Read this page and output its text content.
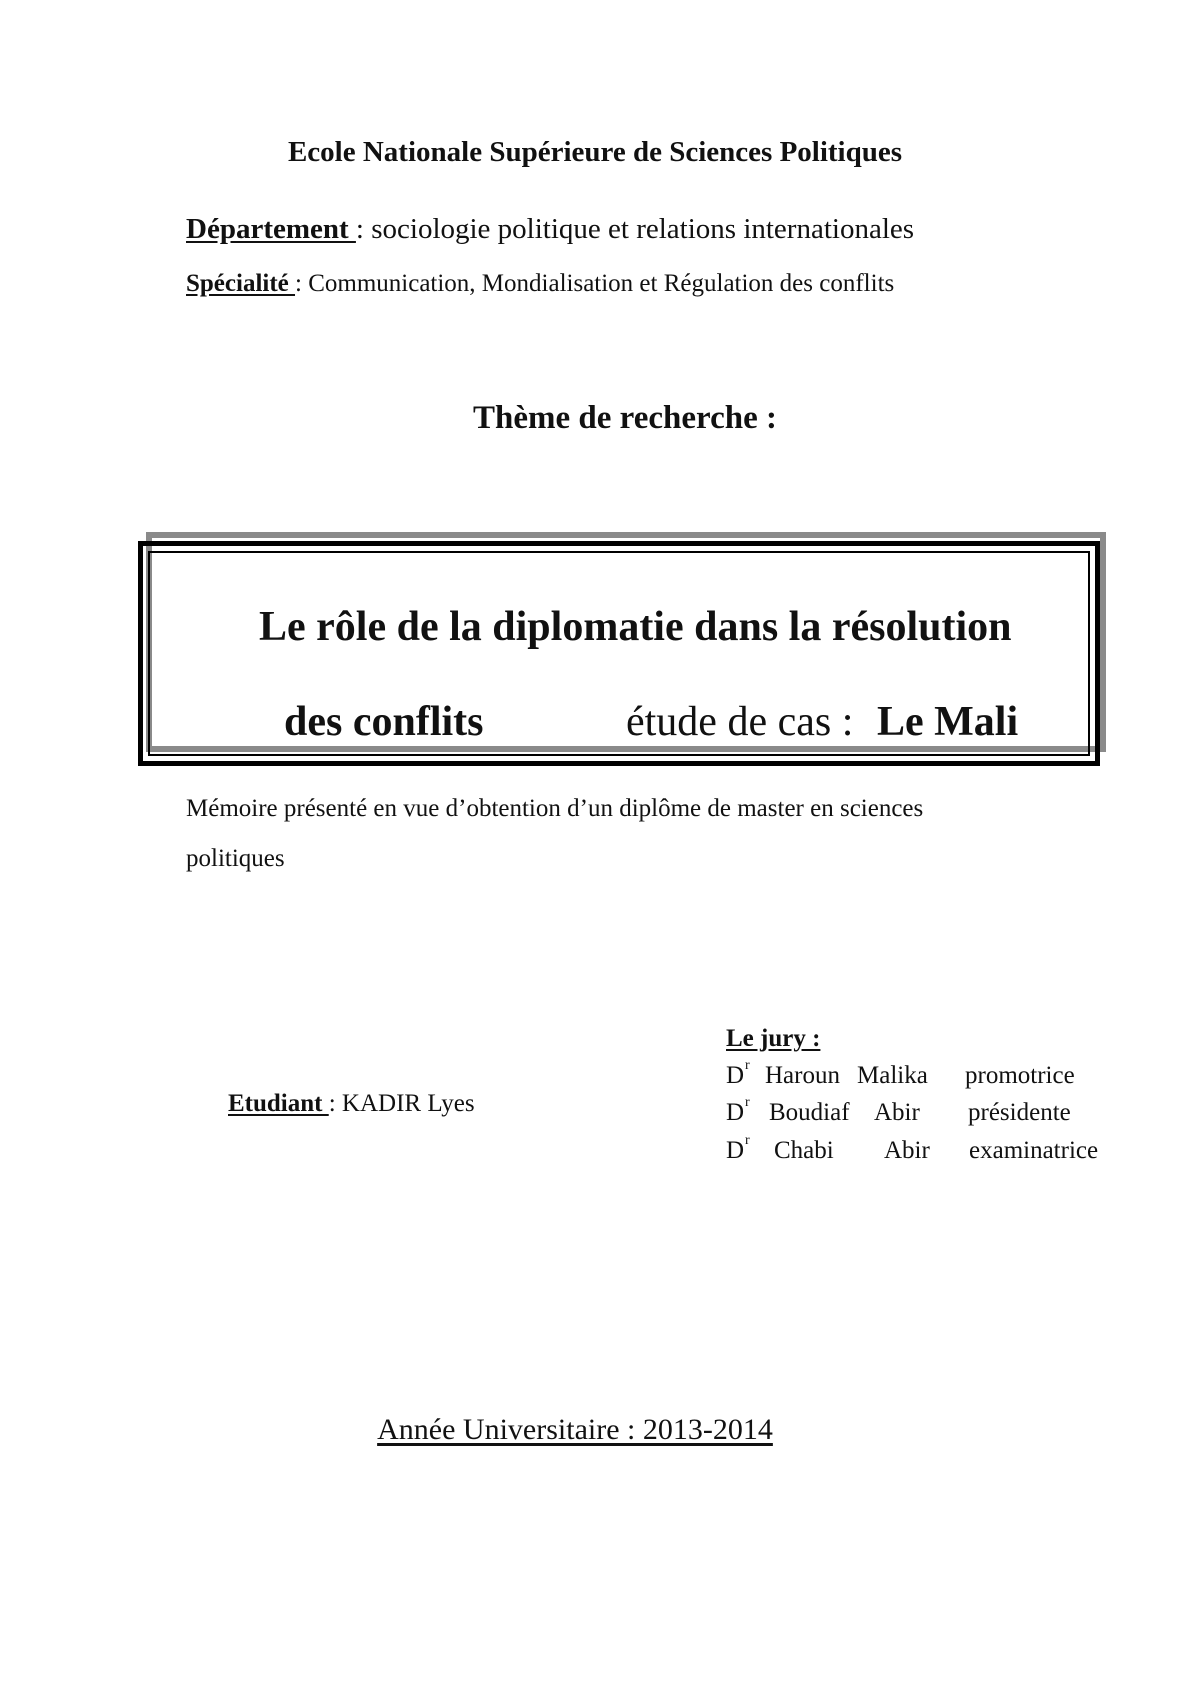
Ecole Nationale Supérieure de Sciences Politiques
Département : sociologie politique et relations internationales
Spécialité : Communication, Mondialisation et Régulation des conflits
Thème de recherche :
Le rôle de la diplomatie dans la résolution
des conflits	étude de cas : Le Mali
Mémoire présenté en vue d’obtention d’un diplôme de master en sciences
politiques
Etudiant : KADIR Lyes
Le jury :
D r Haroun Malika promotrice
D r Boudiaf Abir présidente
D r Chabi Abir examinatrice
Année Universitaire : 2013-2014
